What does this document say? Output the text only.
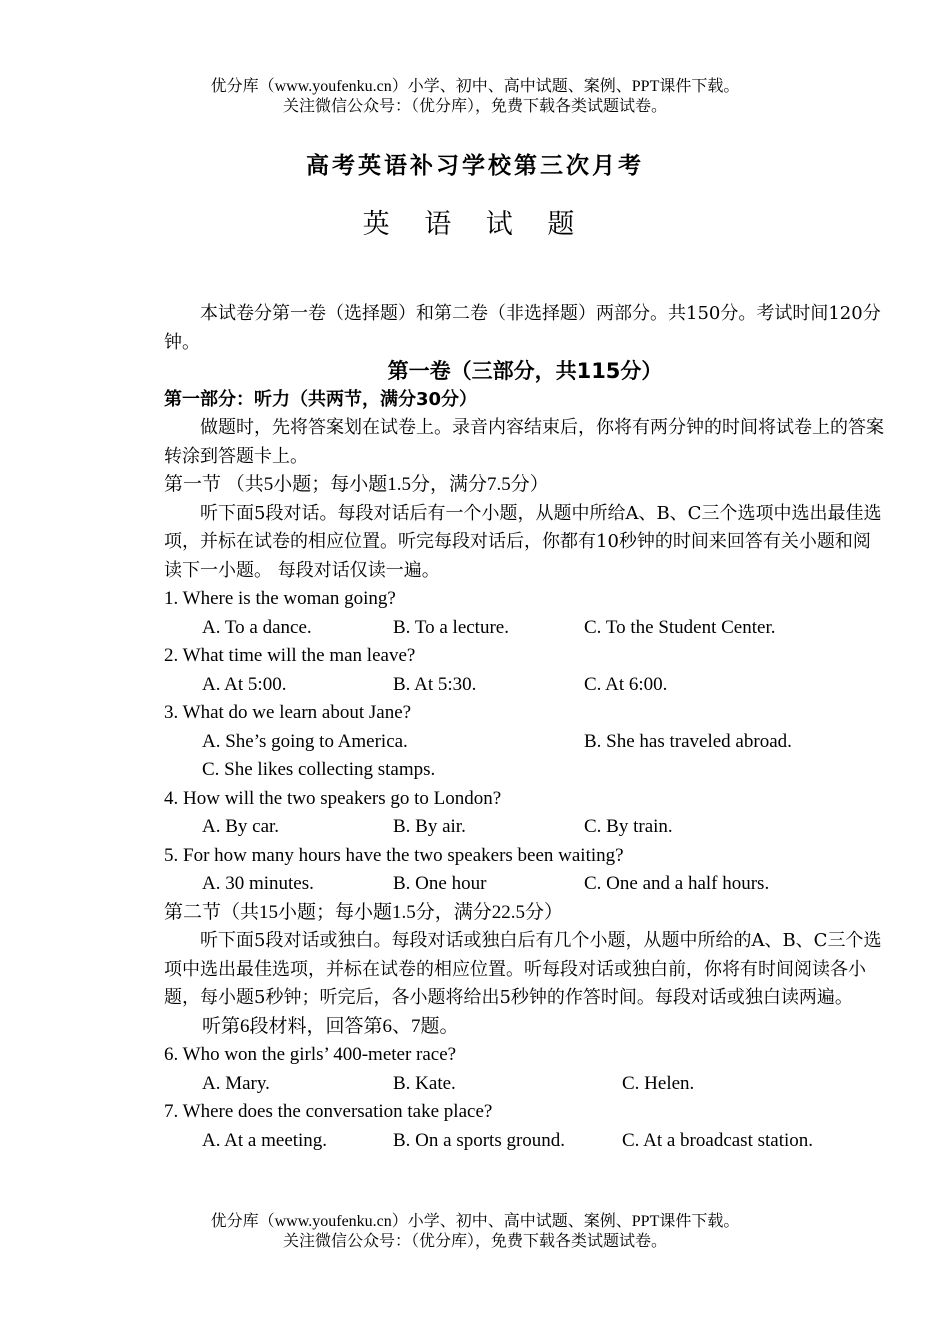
优分库（www.youfenku.cn）小学、初中、高中试题、案例、PPT课件下载。
关注微信公众号：（优分库），免费下载各类试题试卷。
高考英语补习学校第三次月考
英 语 试 题

本试卷分第一卷（选择题）和第二卷（非选择题）两部分。共150分。考试时间120分钟。

第一卷（三部分，共115分）

第一部分：听力（共两节，满分30分）

做题时，先将答案划在试卷上。录音内容结束后，你将有两分钟的时间将试卷上的答案转涂到答题卡上。

第一节 （共5小题；每小题1.5分，满分7.5分）

听下面5段对话。每段对话后有一个小题，从题中所给A、B、C三个选项中选出最佳选项，并标在试卷的相应位置。听完每段对话后，你都有10秒钟的时间来回答有关小题和阅读下一小题。 每段对话仅读一遍。

1. Where is the woman going?

A. To a dance.	B. To a lecture.	C. To the Student Center.

2. What time will the man leave?

A. At 5:00.	B. At 5:30.	C. At 6:00.

3. What do we learn about Jane?

A. She’s going to America.	B. She has traveled abroad.
C. She likes collecting stamps.

4. How will the two speakers go to London?

A. By car.	B. By air.	C. By train.

5. For how many hours have the two speakers been waiting?

A. 30 minutes.	B. One hour	C. One and a half hours.

第二节（共15小题；每小题1.5分，满分22.5分）

听下面5段对话或独白。每段对话或独白后有几个小题，从题中所给的A、B、C三个选项中选出最佳选项，并标在试卷的相应位置。听每段对话或独白前，你将有时间阅读各小题，每小题5秒钟；听完后，各小题将给出5秒钟的作答时间。每段对话或独白读两遍。

听第6段材料，回答第6、7题。

6. Who won the girls’ 400-meter race?

A. Mary.	B. Kate.	C. Helen.

7. Where does the conversation take place?

A. At a meeting.	B. On a sports ground.	C. At a broadcast station.
优分库（www.youfenku.cn）小学、初中、高中试题、案例、PPT课件下载。
关注微信公众号：（优分库），免费下载各类试题试卷。
